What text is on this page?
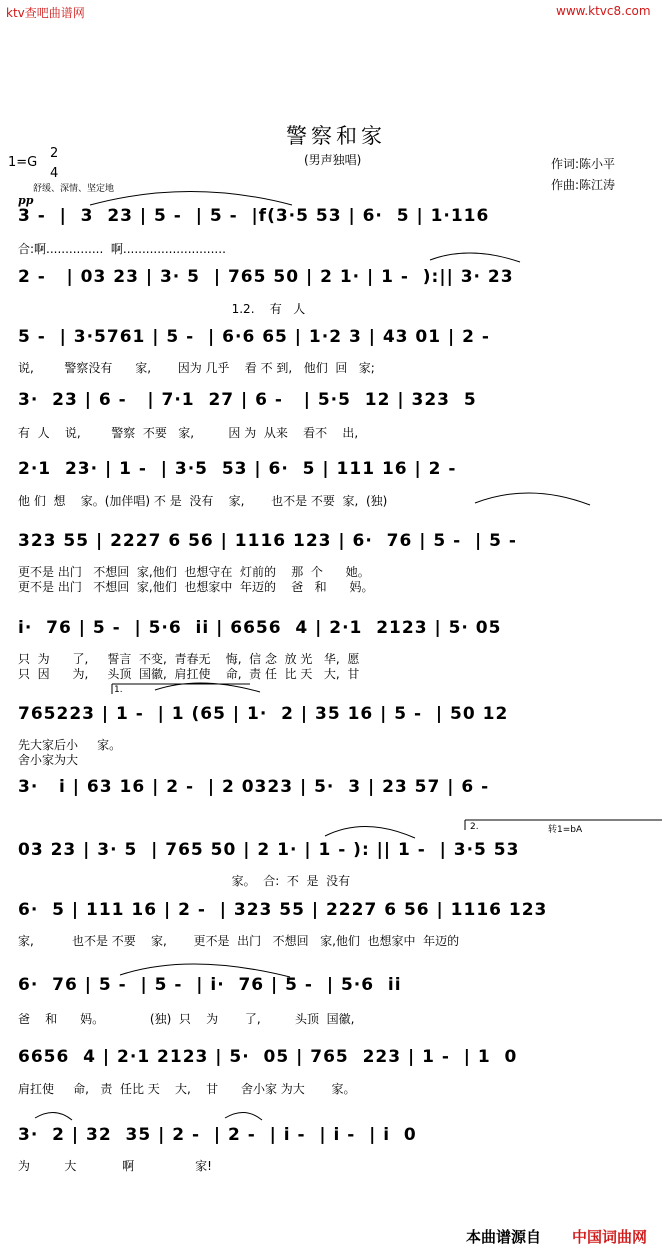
ktv查吧曲谱网	www.ktvc8.com
警察和家
(男声独唱)
1=G
2
4
舒缓、深情、坚定地
作词:陈小平
作曲:陈江涛
pp
3 -  |  3  23 | 5 -  | 5 -  |f(3·5 53 | 6·  5 | 1·116
合:啊...............  啊...........................
2 -   | 03 23 | 3· 5  | 765 50 | 2 1· | 1 -  ):|| 3· 23
1.2.    有   人
5 -  | 3·5761 | 5 -  | 6·6 65 | 1·2 3 | 43 01 | 2 -
说,        警察没有      家,       因为 几乎    看 不 到,   他们  回   家;
3·  23 | 6 -   | 7·1  27 | 6 -   | 5·5  12 | 323  5
有  人    说,        警察  不要   家,         因 为  从来    看不    出,
2·1  23· | 1 -  | 3·5  53 | 6·  5 | 111 16 | 2 -
他 们  想    家。(加伴唱) 不 是  没有    家,       也不是 不要  家,  (独)
323 55 | 2227 6 56 | 1116 123 | 6·  76 | 5 -  | 5 -
更不是 出门   不想回  家,他们  也想守在  灯前的    那  个      她。
更不是 出门   不想回  家,他们  也想家中  年迈的    爸   和      妈。
i·  76 | 5 -  | 5·6  ii | 6656  4 | 2·1  2123 | 5· 05
只  为      了,     誓言  不变,  青春无    悔,  信 念  放 光   华,  愿
只  因      为,     头顶  国徽,  肩扛使    命,  责 任  比 天   大,  甘
765223 | 1 -  | 1 (65 | 1·  2 | 35 16 | 5 -  | 50 12
先大家后小     家。
舍小家为大
3·   i | 63 16 | 2 -  | 2 0323 | 5·  3 | 23 57 | 6 -
03 23 | 3· 5  | 765 50 | 2 1· | 1 - ): || 1 -  | 3·5 53
家。  合:  不  是  没有
6·  5 | 111 16 | 2 -  | 323 55 | 2227 6 56 | 1116 123
家,          也不是 不要    家,       更不是  出门   不想回   家,他们  也想家中  年迈的
6·  76 | 5 -  | 5 -  | i·  76 | 5 -  | 5·6  ii
爸    和      妈。            (独)  只    为       了,         头顶  国徽,
6656  4 | 2·1 2123 | 5·  05 | 765  223 | 1 -  | 1  0
肩扛使     命,   责  任比 天    大,    甘      舍小家 为大       家。
3·  2 | 32  35 | 2 -  | 2 -  | i -  | i -  | i  0
为         大            啊                家!
1.
2.	转1=bA
本曲谱源自 中国词曲网
